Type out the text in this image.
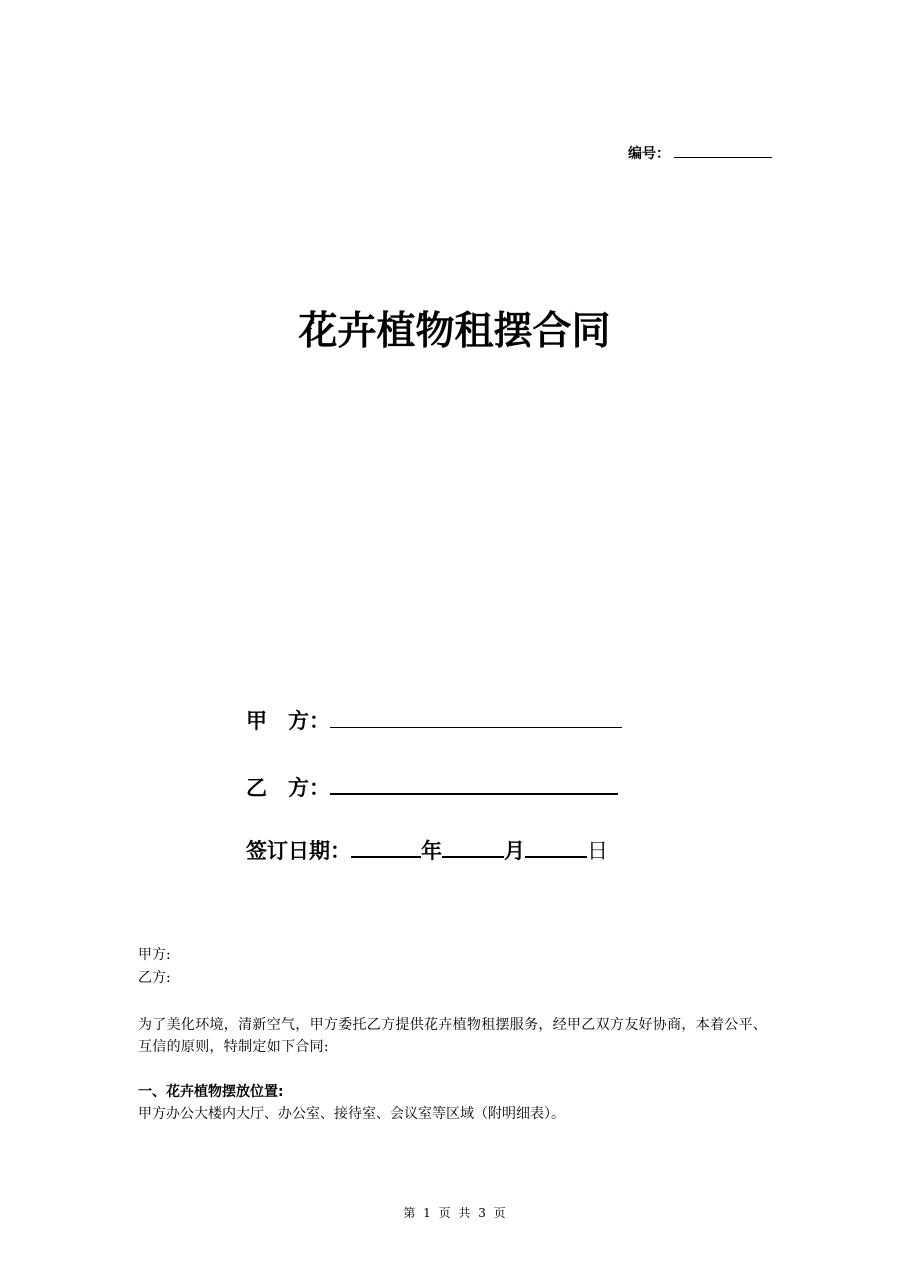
编号：
花卉植物租摆合同
甲 方：
乙 方：
签订日期：	年	月	日
甲方:
乙方:
为了美化环境，清新空气，甲方委托乙方提供花卉植物租摆服务，经甲乙双方友好协商，本着公平、互信的原则，特制定如下合同:
一、花卉植物摆放位置:
甲方办公大楼内大厅、办公室、接待室、会议室等区域（附明细表）。
第 1 页 共 3 页
